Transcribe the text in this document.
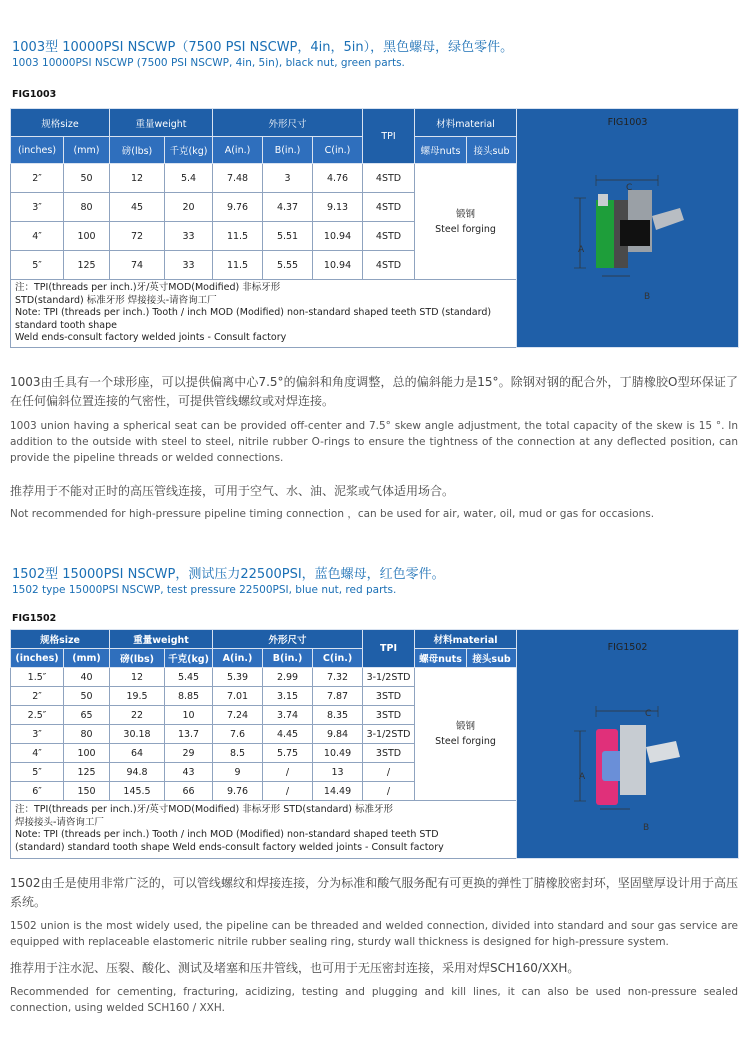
1003型 10000PSI NSCWP（7500 PSI NSCWP，4in，5in），黑色螺母，绿色零件。
1003 10000PSI NSCWP (7500 PSI NSCWP, 4in, 5in), black nut, green parts.
FIG1003
规格size		重量weight		外形尺寸			TPI	材料material		FIG1003

(inches)	(mm)	磅(lbs)	千克(kg)	A(in.)	B(in.)	C(in.)		螺母nuts	接头sub	
2″	50	12	5.4	7.48	3	4.76	4STD	锻钢
Steel forging		

3″	80	45	20	9.76	4.37	9.13	4STD			
4″	100	72	33	11.5	5.51	10.94	4STD			
5″	125	74	33	11.5	5.55	10.94	4STD			

注：TPI(threads per inch.)牙/英寸MOD(Modified) 非标牙形
STD(standard) 标准牙形 焊接接头-请咨询工厂
Note: TPI (threads per inch.) Tooth / inch MOD (Modified) non-standard shaped teeth STD (standard)
standard tooth shape
Weld ends-consult factory welded joints - Consult factory										
1003由壬具有一个球形座，可以提供偏离中心7.5°的偏斜和角度调整，总的偏斜能力是15°。除钢对钢的配合外，丁腈橡胶O型环保证了在任何偏斜位置连接的气密性，可提供管线螺纹或对焊连接。
1003 union having a spherical seat can be provided off-center and 7.5° skew angle adjustment, the total capacity of the skew is 15 °. In addition to the outside with steel to steel, nitrile rubber O-rings to ensure the tightness of the connection at any deflected position, can provide the pipeline threads or welded connections.
推荐用于不能对正时的高压管线连接，可用于空气、水、油、泥浆或气体适用场合。
Not recommended for high-pressure pipeline timing connection ，can be used for air, water, oil, mud or gas for occasions.
1502型 15000PSI NSCWP，测试压力22500PSI，蓝色螺母，红色零件。
1502 type 15000PSI NSCWP, test pressure 22500PSI, blue nut, red parts.
FIG1502
规格size		重量weight		外形尺寸			TPI	材料material		FIG1502

(inches)	(mm)	磅(lbs)	千克(kg)	A(in.)	B(in.)	C(in.)		螺母nuts	接头sub	
1.5″	40	12	5.45	5.39	2.99	7.32	3-1/2STD	锻钢
Steel forging		

2″	50	19.5	8.85	7.01	3.15	7.87	3STD			
2.5″	65	22	10	7.24	3.74	8.35	3STD			
3″	80	30.18	13.7	7.6	4.45	9.84	3-1/2STD			
4″	100	64	29	8.5	5.75	10.49	3STD			
5″	125	94.8	43	9	/	13	/			
6″	150	145.5	66	9.76	/	14.49	/			

注：TPI(threads per inch.)牙/英寸MOD(Modified) 非标牙形 STD(standard) 标准牙形
焊接接头-请咨询工厂
Note: TPI (threads per inch.) Tooth / inch MOD (Modified) non-standard shaped teeth STD
(standard) standard tooth shape Weld ends-consult factory welded joints - Consult factory										
1502由壬是使用非常广泛的，可以管线螺纹和焊接连接，分为标准和酸气服务配有可更换的弹性丁腈橡胶密封环，坚固壁厚设计用于高压系统。
1502 union is the most widely used, the pipeline can be threaded and welded connection, divided into standard and sour gas service are equipped with replaceable elastomeric nitrile rubber sealing ring, sturdy wall thickness is designed for high-pressure system.
推荐用于注水泥、压裂、酸化、测试及堵塞和压井管线，也可用于无压密封连接，采用对焊SCH160/XXH。
Recommended for cementing, fracturing, acidizing, testing and plugging and kill lines, it can also be used non-pressure sealed connection, using welded SCH160 / XXH.
C
A
B
C
A
B
